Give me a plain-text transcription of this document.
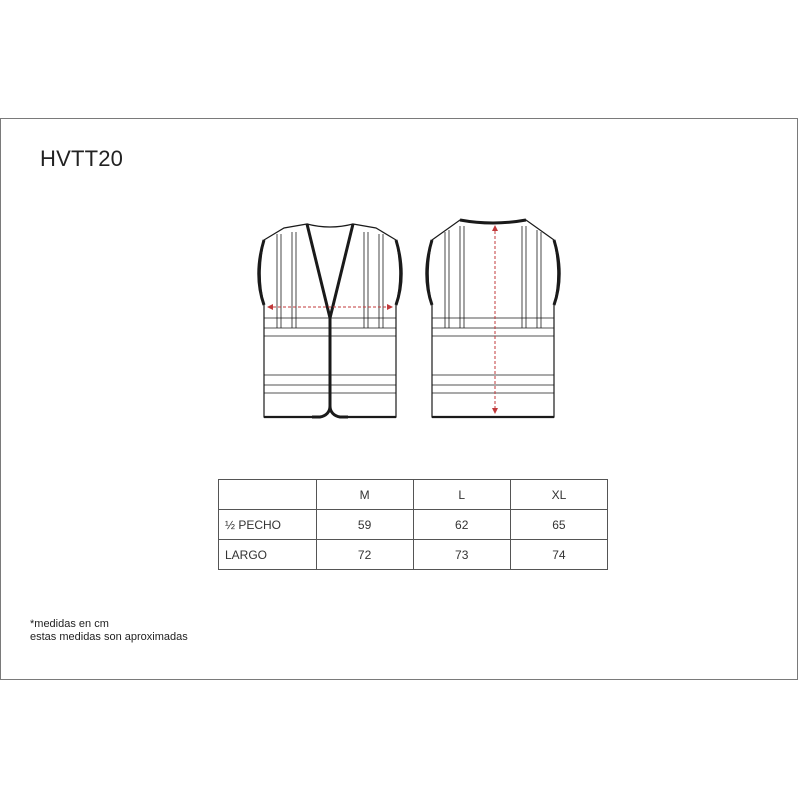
HVTT20
	M	L	XL
½ PECHO	59	62	65
LARGO	72	73	74
*medidas en cm
estas medidas son aproximadas
